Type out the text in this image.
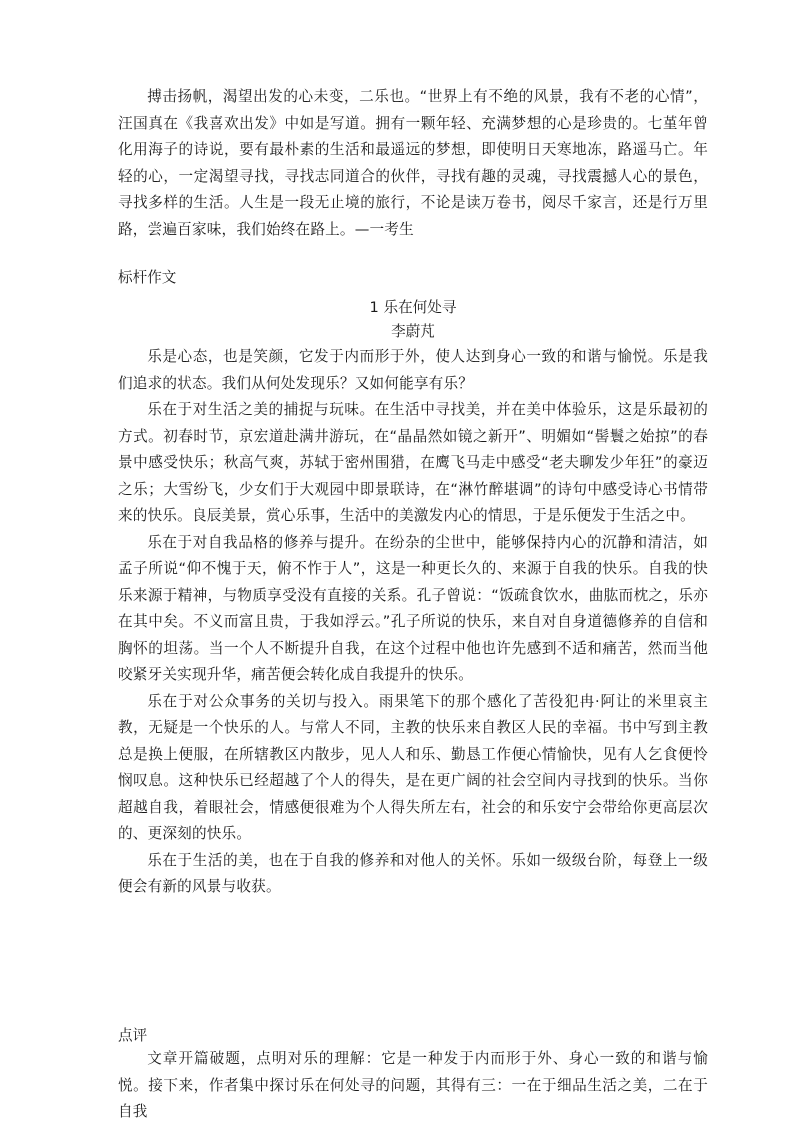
搏击扬帆，渴望出发的心未变，二乐也。“世界上有不绝的风景，我有不老的心情”，汪国真在《我喜欢出发》中如是写道。拥有一颗年轻、充满梦想的心是珍贵的。七堇年曾化用海子的诗说，要有最朴素的生活和最遥远的梦想，即使明日天寒地冻，路遥马亡。年轻的心，一定渴望寻找，寻找志同道合的伙伴，寻找有趣的灵魂，寻找震撼人心的景色，寻找多样的生活。人生是一段无止境的旅行，不论是读万卷书，阅尽千家言，还是行万里路，尝遍百家味，我们始终在路上。—一考生

标杆作文
1 乐在何处寻
李蔚芃

乐是心态，也是笑颜，它发于内而形于外，使人达到身心一致的和谐与愉悦。乐是我们追求的状态。我们从何处发现乐？又如何能享有乐？

乐在于对生活之美的捕捉与玩味。在生活中寻找美，并在美中体验乐，这是乐最初的方式。初春时节，京宏道赴满井游玩，在“晶晶然如镜之新开”、明媚如“髻鬟之始掠”的春景中感受快乐；秋高气爽，苏轼于密州围猎，在鹰飞马走中感受“老夫聊发少年狂”的豪迈之乐；大雪纷飞，少女们于大观园中即景联诗，在“淋竹醉堪调”的诗句中感受诗心书情带来的快乐。良辰美景，赏心乐事，生活中的美激发内心的情思，于是乐便发于生活之中。

乐在于对自我品格的修养与提升。在纷杂的尘世中，能够保持内心的沉静和清洁，如孟子所说“仰不愧于天，俯不怍于人”，这是一种更长久的、来源于自我的快乐。自我的快乐来源于精神，与物质享受没有直接的关系。孔子曾说：“饭疏食饮水，曲肱而枕之，乐亦在其中矣。不义而富且贵，于我如浮云。”孔子所说的快乐，来自对自身道德修养的自信和胸怀的坦荡。当一个人不断提升自我，在这个过程中他也许先感到不适和痛苦，然而当他咬紧牙关实现升华，痛苦便会转化成自我提升的快乐。

乐在于对公众事务的关切与投入。雨果笔下的那个感化了苦役犯冉·阿让的米里哀主教，无疑是一个快乐的人。与常人不同，主教的快乐来自教区人民的幸福。书中写到主教总是换上便服，在所辖教区内散步，见人人和乐、勤恳工作便心情愉快，见有人乞食便怜悯叹息。这种快乐已经超越了个人的得失，是在更广阔的社会空间内寻找到的快乐。当你超越自我，着眼社会，情感便很难为个人得失所左右，社会的和乐安宁会带给你更高层次的、更深刻的快乐。

乐在于生活的美，也在于自我的修养和对他人的关怀。乐如一级级台阶，每登上一级便会有新的风景与收获。

点评

文章开篇破题，点明对乐的理解：它是一种发于内而形于外、身心一致的和谐与愉悦。接下来，作者集中探讨乐在何处寻的问题，其得有三：一在于细品生活之美，二在于自我
